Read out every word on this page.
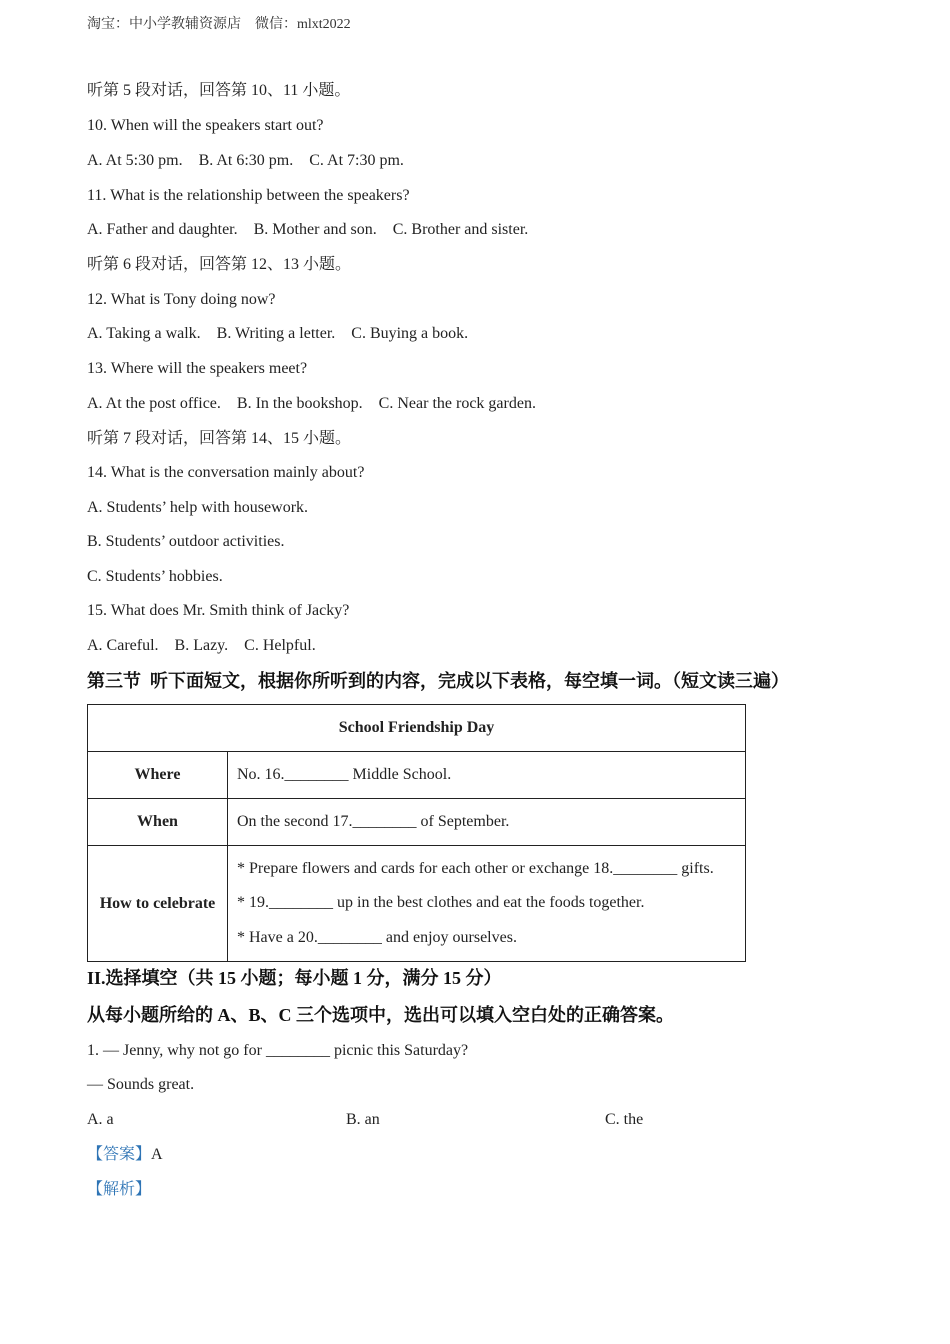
淘宝：中小学教辅资源店　微信：mlxt2022
听第 5 段对话，回答第 10、11 小题。
10. When will the speakers start out?
A. At 5:30 pm.    B. At 6:30 pm.    C. At 7:30 pm.
11. What is the relationship between the speakers?
A. Father and daughter.    B. Mother and son.    C. Brother and sister.
听第 6 段对话，回答第 12、13 小题。
12. What is Tony doing now?
A. Taking a walk.    B. Writing a letter.    C. Buying a book.
13. Where will the speakers meet?
A. At the post office.    B. In the bookshop.    C. Near the rock garden.
听第 7 段对话，回答第 14、15 小题。
14. What is the conversation mainly about?
A. Students’ help with housework.
B. Students’ outdoor activities.
C. Students’ hobbies.
15. What does Mr. Smith think of Jacky?
A. Careful.    B. Lazy.    C. Helpful.
第三节  听下面短文，根据你所听到的内容，完成以下表格，每空填一词。（短文读三遍）
School Friendship Day	
Where	No. 16.________ Middle School.
When	On the second 17.________ of September.
How to celebrate	* Prepare flowers and cards for each other or exchange 18.________ gifts.
* 19.________ up in the best clothes and eat the foods together.
* Have a 20.________ and enjoy ourselves.
II.选择填空（共 15 小题；每小题 1 分，满分 15 分）
从每小题所给的 A、B、C 三个选项中，选出可以填入空白处的正确答案。
1. — Jenny, why not go for ________ picnic this Saturday?
— Sounds great.
A. a	B. an	C. the
【答案】A
【解析】
